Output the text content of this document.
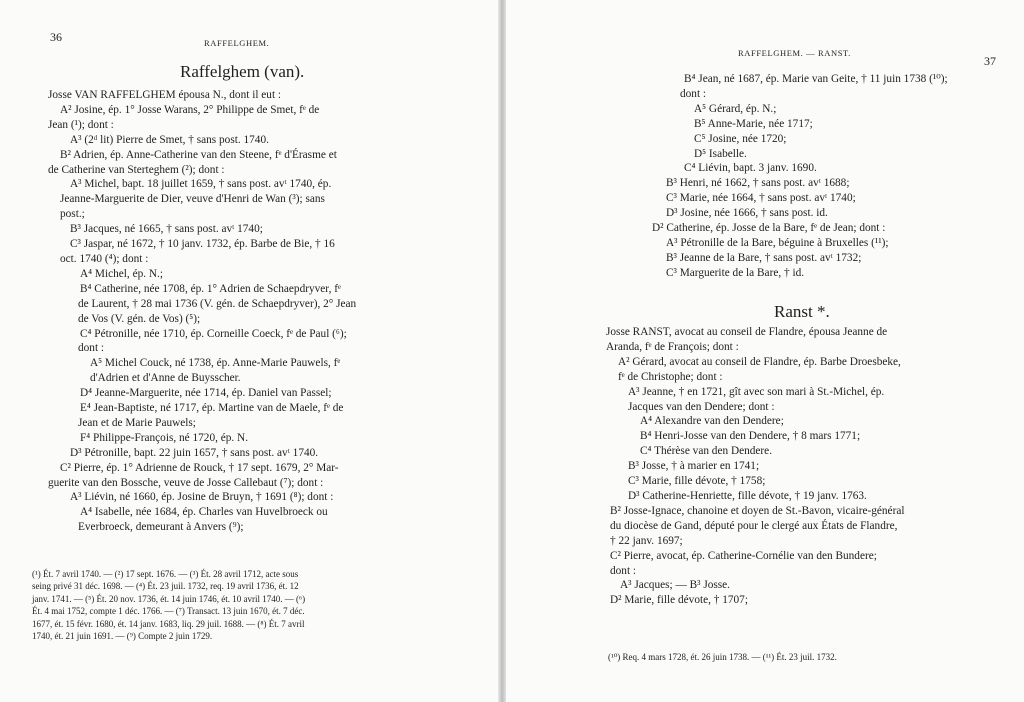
36	RAFFELGHEM.
Raffelghem (van).
Josse VAN RAFFELGHEM épousa N., dont il eut :
A² Josine, ép. 1° Josse Warans, 2° Philippe de Smet, fᵉ de
Jean (¹); dont :
A³ (2ᵈ lit) Pierre de Smet, † sans post. 1740.
B² Adrien, ép. Anne-Catherine van den Steene, fᵉ d'Érasme et
de Catherine van Sterteghem (²); dont :
A³ Michel, bapt. 18 juillet 1659, † sans post. avᵗ 1740, ép.
Jeanne-Marguerite de Dier, veuve d'Henri de Wan (³); sans
post.;
B³ Jacques, né 1665, † sans post. avᵗ 1740;
C³ Jaspar, né 1672, † 10 janv. 1732, ép. Barbe de Bie, † 16
oct. 1740 (⁴); dont :
A⁴ Michel, ép. N.;
B⁴ Catherine, née 1708, ép. 1° Adrien de Schaepdryver, fᵉ
de Laurent, † 28 mai 1736 (V. gén. de Schaepdryver), 2° Jean
de Vos (V. gén. de Vos) (⁵);
C⁴ Pétronille, née 1710, ép. Corneille Coeck, fᵉ de Paul (⁶);
dont :
A⁵ Michel Couck, né 1738, ép. Anne-Marie Pauwels, fᵉ
d'Adrien et d'Anne de Buysscher.
D⁴ Jeanne-Marguerite, née 1714, ép. Daniel van Passel;
E⁴ Jean-Baptiste, né 1717, ép. Martine van de Maele, fᵉ de
Jean et de Marie Pauwels;
F⁴ Philippe-François, né 1720, ép. N.
D³ Pétronille, bapt. 22 juin 1657, † sans post. avᵗ 1740.
C² Pierre, ép. 1° Adrienne de Rouck, † 17 sept. 1679, 2° Mar-
guerite van den Bossche, veuve de Josse Callebaut (⁷); dont :
A³ Liévin, né 1660, ép. Josine de Bruyn, † 1691 (⁸); dont :
A⁴ Isabelle, née 1684, ép. Charles van Huvelbroeck ou
Everbroeck, demeurant à Anvers (⁹);
(¹) Ét. 7 avril 1740. — (²) 17 sept. 1676. — (³) Ét. 28 avril 1712, acte sous
seing privé 31 déc. 1698. — (⁴) Ét. 23 juil. 1732, req. 19 avril 1736, ét. 12
janv. 1741. — (⁵) Ét. 20 nov. 1736, ét. 14 juin 1746, ét. 10 avril 1740. — (⁶)
Ét. 4 mai 1752, compte 1 déc. 1766. — (⁷) Transact. 13 juin 1670, ét. 7 déc.
1677, ét. 15 févr. 1680, ét. 14 janv. 1683, liq. 29 juil. 1688. — (⁸) Ét. 7 avril
1740, ét. 21 juin 1691. — (⁹) Compte 2 juin 1729.
RAFFELGHEM. — RANST.
37
B⁴ Jean, né 1687, ép. Marie van Geite, † 11 juin 1738 (¹⁰);
dont :
A⁵ Gérard, ép. N.;
B⁵ Anne-Marie, née 1717;
C⁵ Josine, née 1720;
D⁵ Isabelle.
C⁴ Liévin, bapt. 3 janv. 1690.
B³ Henri, né 1662, † sans post. avᵗ 1688;
C³ Marie, née 1664, † sans post. avᵗ 1740;
D³ Josine, née 1666, † sans post. id.
D² Catherine, ép. Josse de la Bare, fᵉ de Jean; dont :
A³ Pétronille de la Bare, béguine à Bruxelles (¹¹);
B³ Jeanne de la Bare, † sans post. avᵗ 1732;
C³ Marguerite de la Bare, † id.
Ranst *.
Josse RANST, avocat au conseil de Flandre, épousa Jeanne de
Aranda, fᵉ de François; dont :
A² Gérard, avocat au conseil de Flandre, ép. Barbe Droesbeke,
fᵉ de Christophe; dont :
A³ Jeanne, † en 1721, gît avec son mari à St.-Michel, ép.
Jacques van den Dendere; dont :
A⁴ Alexandre van den Dendere;
B⁴ Henri-Josse van den Dendere, † 8 mars 1771;
C⁴ Thérèse van den Dendere.
B³ Josse, † à marier en 1741;
C³ Marie, fille dévote, † 1758;
D³ Catherine-Henriette, fille dévote, † 19 janv. 1763.
B² Josse-Ignace, chanoine et doyen de St.-Bavon, vicaire-général
du diocèse de Gand, député pour le clergé aux États de Flandre,
† 22 janv. 1697;
C² Pierre, avocat, ép. Catherine-Cornélie van den Bundere;
dont :
A³ Jacques; — B³ Josse.
D² Marie, fille dévote, † 1707;
(¹⁰) Req. 4 mars 1728, ét. 26 juin 1738. — (¹¹) Ét. 23 juil. 1732.
